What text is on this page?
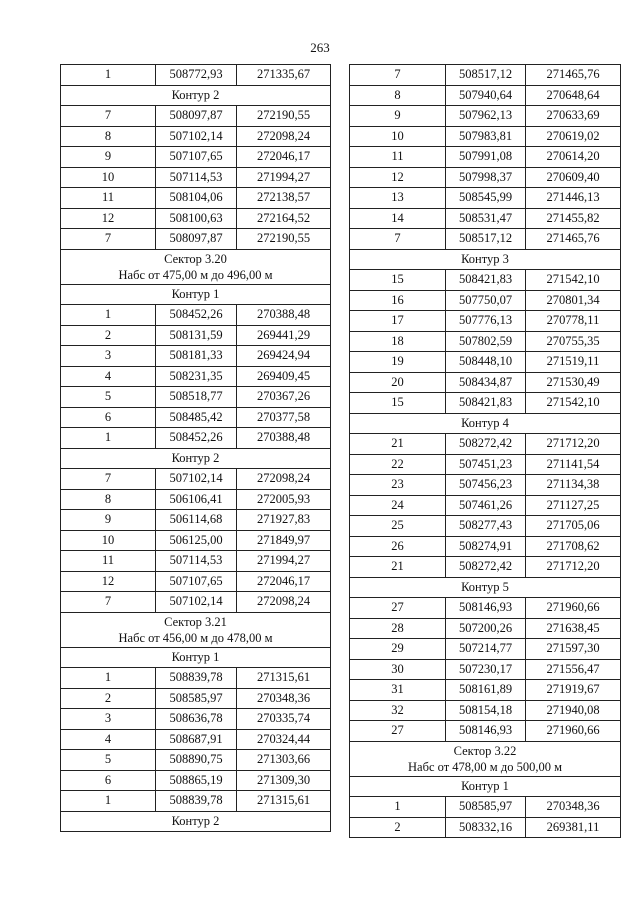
263
1	508772,93	271335,67
Контур 2		
7	508097,87	272190,55
8	507102,14	272098,24
9	507107,65	272046,17
10	507114,53	271994,27
11	508104,06	272138,57
12	508100,63	272164,52
7	508097,87	272190,55

Сектор 3.20
Набс от 475,00 м до 496,00 м		

Контур 1		
1	508452,26	270388,48
2	508131,59	269441,29
3	508181,33	269424,94
4	508231,35	269409,45
5	508518,77	270367,26
6	508485,42	270377,58
1	508452,26	270388,48
Контур 2		
7	507102,14	272098,24
8	506106,41	272005,93
9	506114,68	271927,83
10	506125,00	271849,97
11	507114,53	271994,27
12	507107,65	272046,17
7	507102,14	272098,24

Сектор 3.21
Набс от 456,00 м до 478,00 м		

Контур 1		
1	508839,78	271315,61
2	508585,97	270348,36
3	508636,78	270335,74
4	508687,91	270324,44
5	508890,75	271303,66
6	508865,19	271309,30
1	508839,78	271315,61
Контур 2		
7	508517,12	271465,76
8	507940,64	270648,64
9	507962,13	270633,69
10	507983,81	270619,02
11	507991,08	270614,20
12	507998,37	270609,40
13	508545,99	271446,13
14	508531,47	271455,82
7	508517,12	271465,76
Контур 3		
15	508421,83	271542,10
16	507750,07	270801,34
17	507776,13	270778,11
18	507802,59	270755,35
19	508448,10	271519,11
20	508434,87	271530,49
15	508421,83	271542,10
Контур 4		
21	508272,42	271712,20
22	507451,23	271141,54
23	507456,23	271134,38
24	507461,26	271127,25
25	508277,43	271705,06
26	508274,91	271708,62
21	508272,42	271712,20
Контур 5		
27	508146,93	271960,66
28	507200,26	271638,45
29	507214,77	271597,30
30	507230,17	271556,47
31	508161,89	271919,67
32	508154,18	271940,08
27	508146,93	271960,66

Сектор 3.22
Набс от 478,00 м до 500,00 м		

Контур 1		
1	508585,97	270348,36
2	508332,16	269381,11
